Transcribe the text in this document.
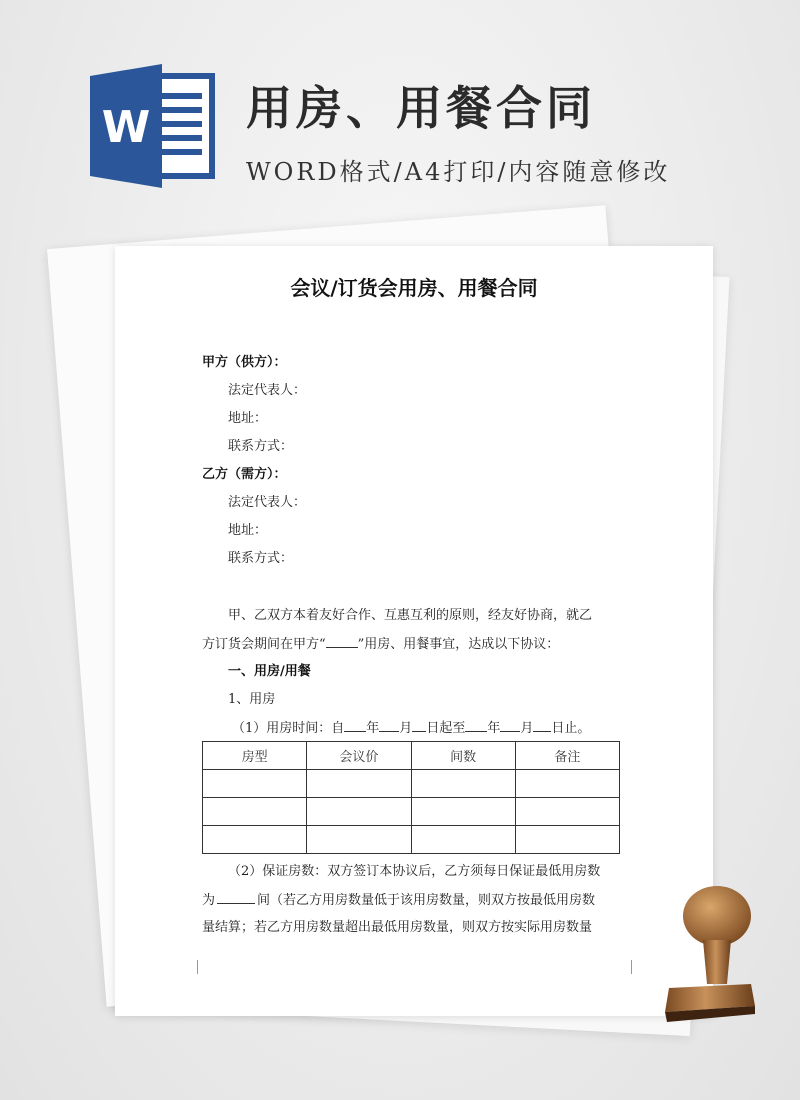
W 用房、用餐合同

WORD格式/A4打印/内容随意修改

会议/订货会用房、用餐合同
甲方（供方）：
法定代表人：
地址：
联系方式：
乙方（需方）：
法定代表人：
地址：
联系方式：
甲、乙双方本着友好合作、互惠互利的原则，经友好协商，就乙
方订货会期间在甲方“ ”用房、用餐事宜，达成以下协议：
一、用房/用餐
1、用房
（1）用房时间：自 年 月 日起至 年 月 日止。
房型	会议价	间数	备注

（2）保证房数：双方签订本协议后，乙方须每日保证最低用房数
为	间（若乙方用房数量低于该用房数量，则双方按最低用房数
量结算；若乙方用房数量超出最低用房数量，则双方按实际用房数量
